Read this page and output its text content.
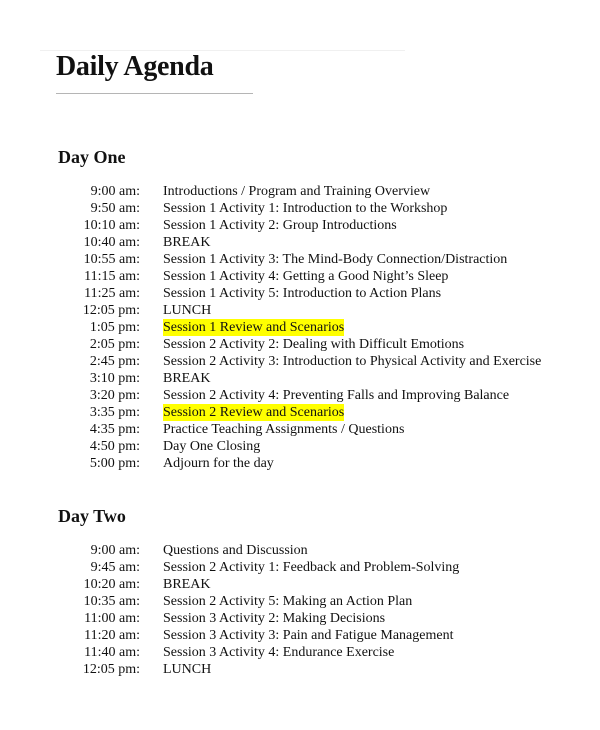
Daily Agenda
Day One
9:00 am: Introductions / Program and Training Overview
9:50 am: Session 1 Activity 1: Introduction to the Workshop
10:10 am: Session 1 Activity 2: Group Introductions
10:40 am: BREAK
10:55 am: Session 1 Activity 3: The Mind-Body Connection/Distraction
11:15 am: Session 1 Activity 4: Getting a Good Night’s Sleep
11:25 am: Session 1 Activity 5: Introduction to Action Plans
12:05 pm: LUNCH
1:05 pm: Session 1 Review and Scenarios
2:05 pm: Session 2 Activity 2: Dealing with Difficult Emotions
2:45 pm: Session 2 Activity 3: Introduction to Physical Activity and Exercise
3:10 pm: BREAK
3:20 pm: Session 2 Activity 4: Preventing Falls and Improving Balance
3:35 pm: Session 2 Review and Scenarios
4:35 pm: Practice Teaching Assignments / Questions
4:50 pm: Day One Closing
5:00 pm: Adjourn for the day
Day Two
9:00 am: Questions and Discussion
9:45 am: Session 2 Activity 1: Feedback and Problem-Solving
10:20 am: BREAK
10:35 am: Session 2 Activity 5: Making an Action Plan
11:00 am: Session 3 Activity 2: Making Decisions
11:20 am: Session 3 Activity 3: Pain and Fatigue Management
11:40 am: Session 3 Activity 4: Endurance Exercise
12:05 pm: LUNCH
